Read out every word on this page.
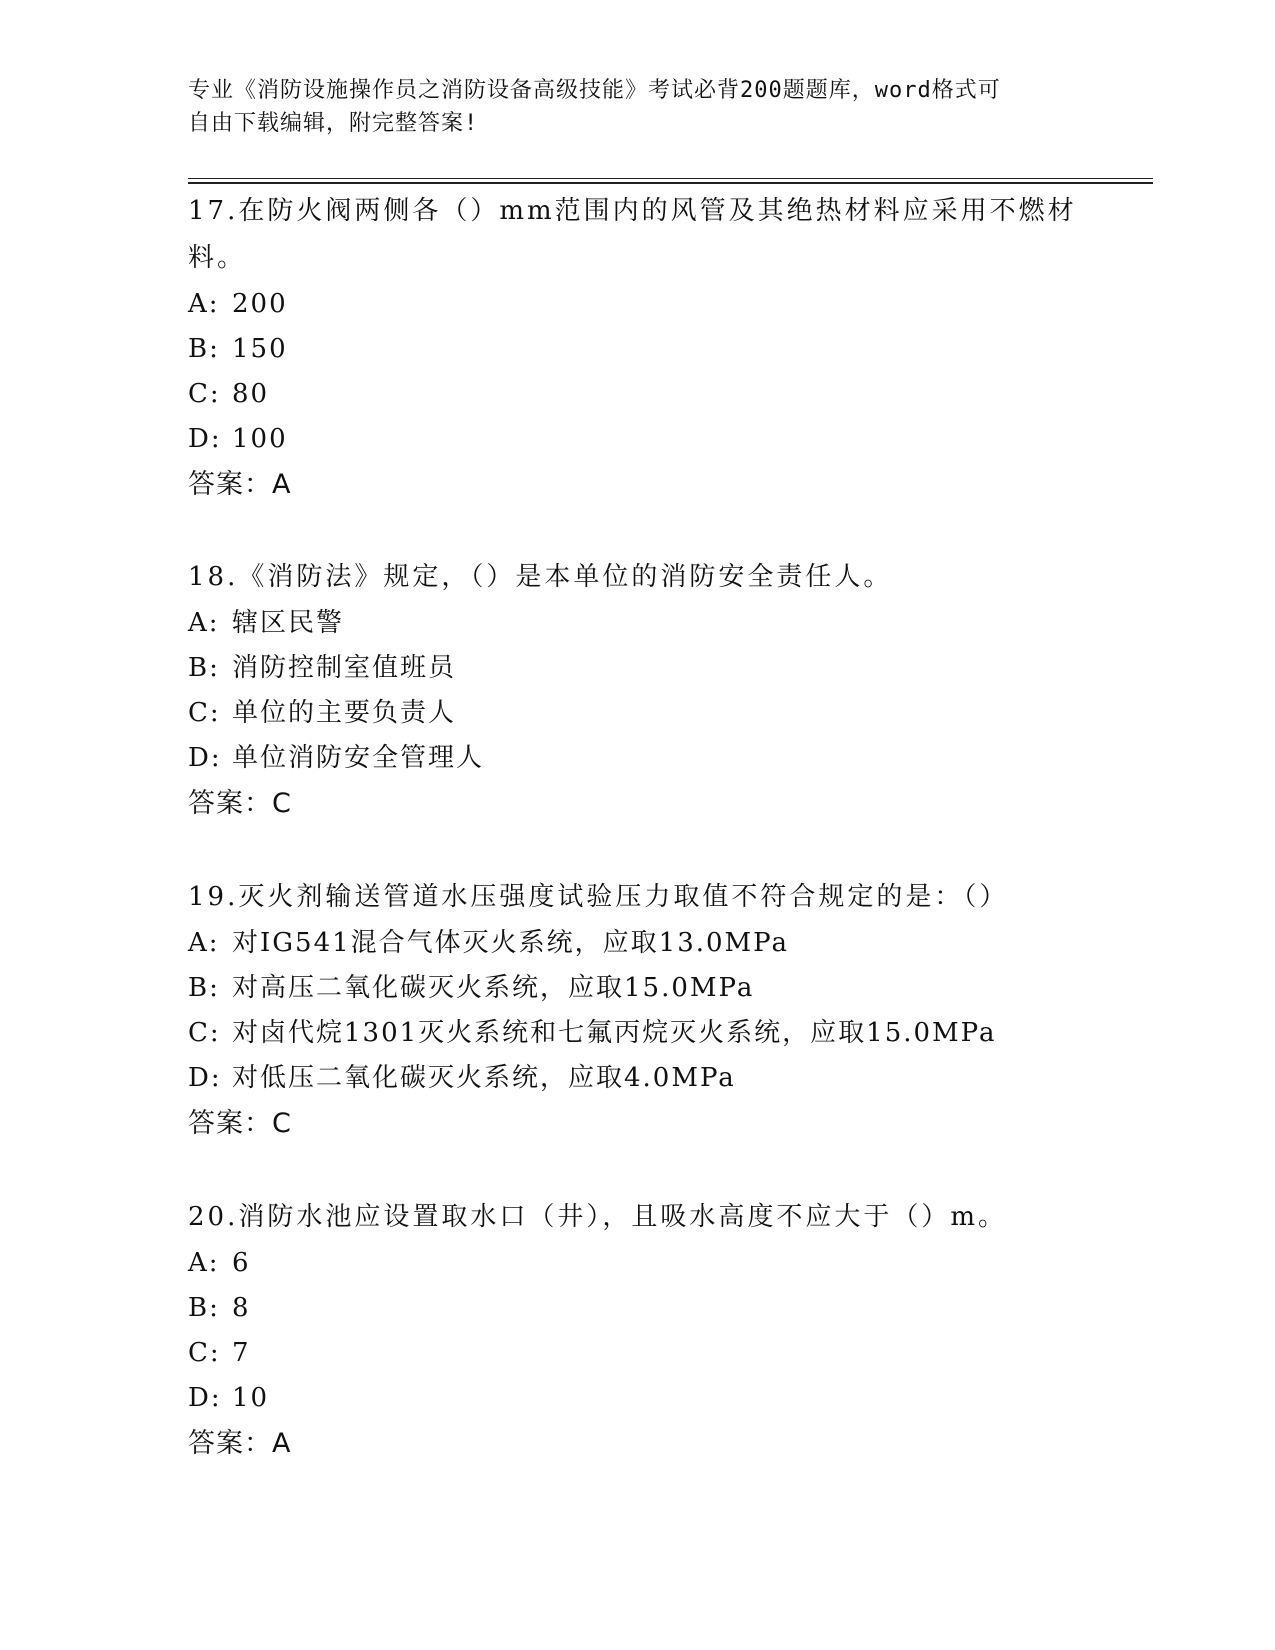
专业《消防设施操作员之消防设备高级技能》考试必背200题题库，word格式可
自由下载编辑，附完整答案!
17.在防火阀两侧各（）mm范围内的风管及其绝热材料应采用不燃材料。
A: 200
B: 150
C: 80
D: 100
答案：A
18.《消防法》规定，（）是本单位的消防安全责任人。
A: 辖区民警
B: 消防控制室值班员
C: 单位的主要负责人
D: 单位消防安全管理人
答案：C
19.灭火剂输送管道水压强度试验压力取值不符合规定的是：（）
A: 对IG541混合气体灭火系统，应取13.0MPa
B: 对高压二氧化碳灭火系统，应取15.0MPa
C: 对卤代烷1301灭火系统和七氟丙烷灭火系统，应取15.0MPa
D: 对低压二氧化碳灭火系统，应取4.0MPa
答案：C
20.消防水池应设置取水口（井），且吸水高度不应大于（）m。
A: 6
B: 8
C: 7
D: 10
答案：A
